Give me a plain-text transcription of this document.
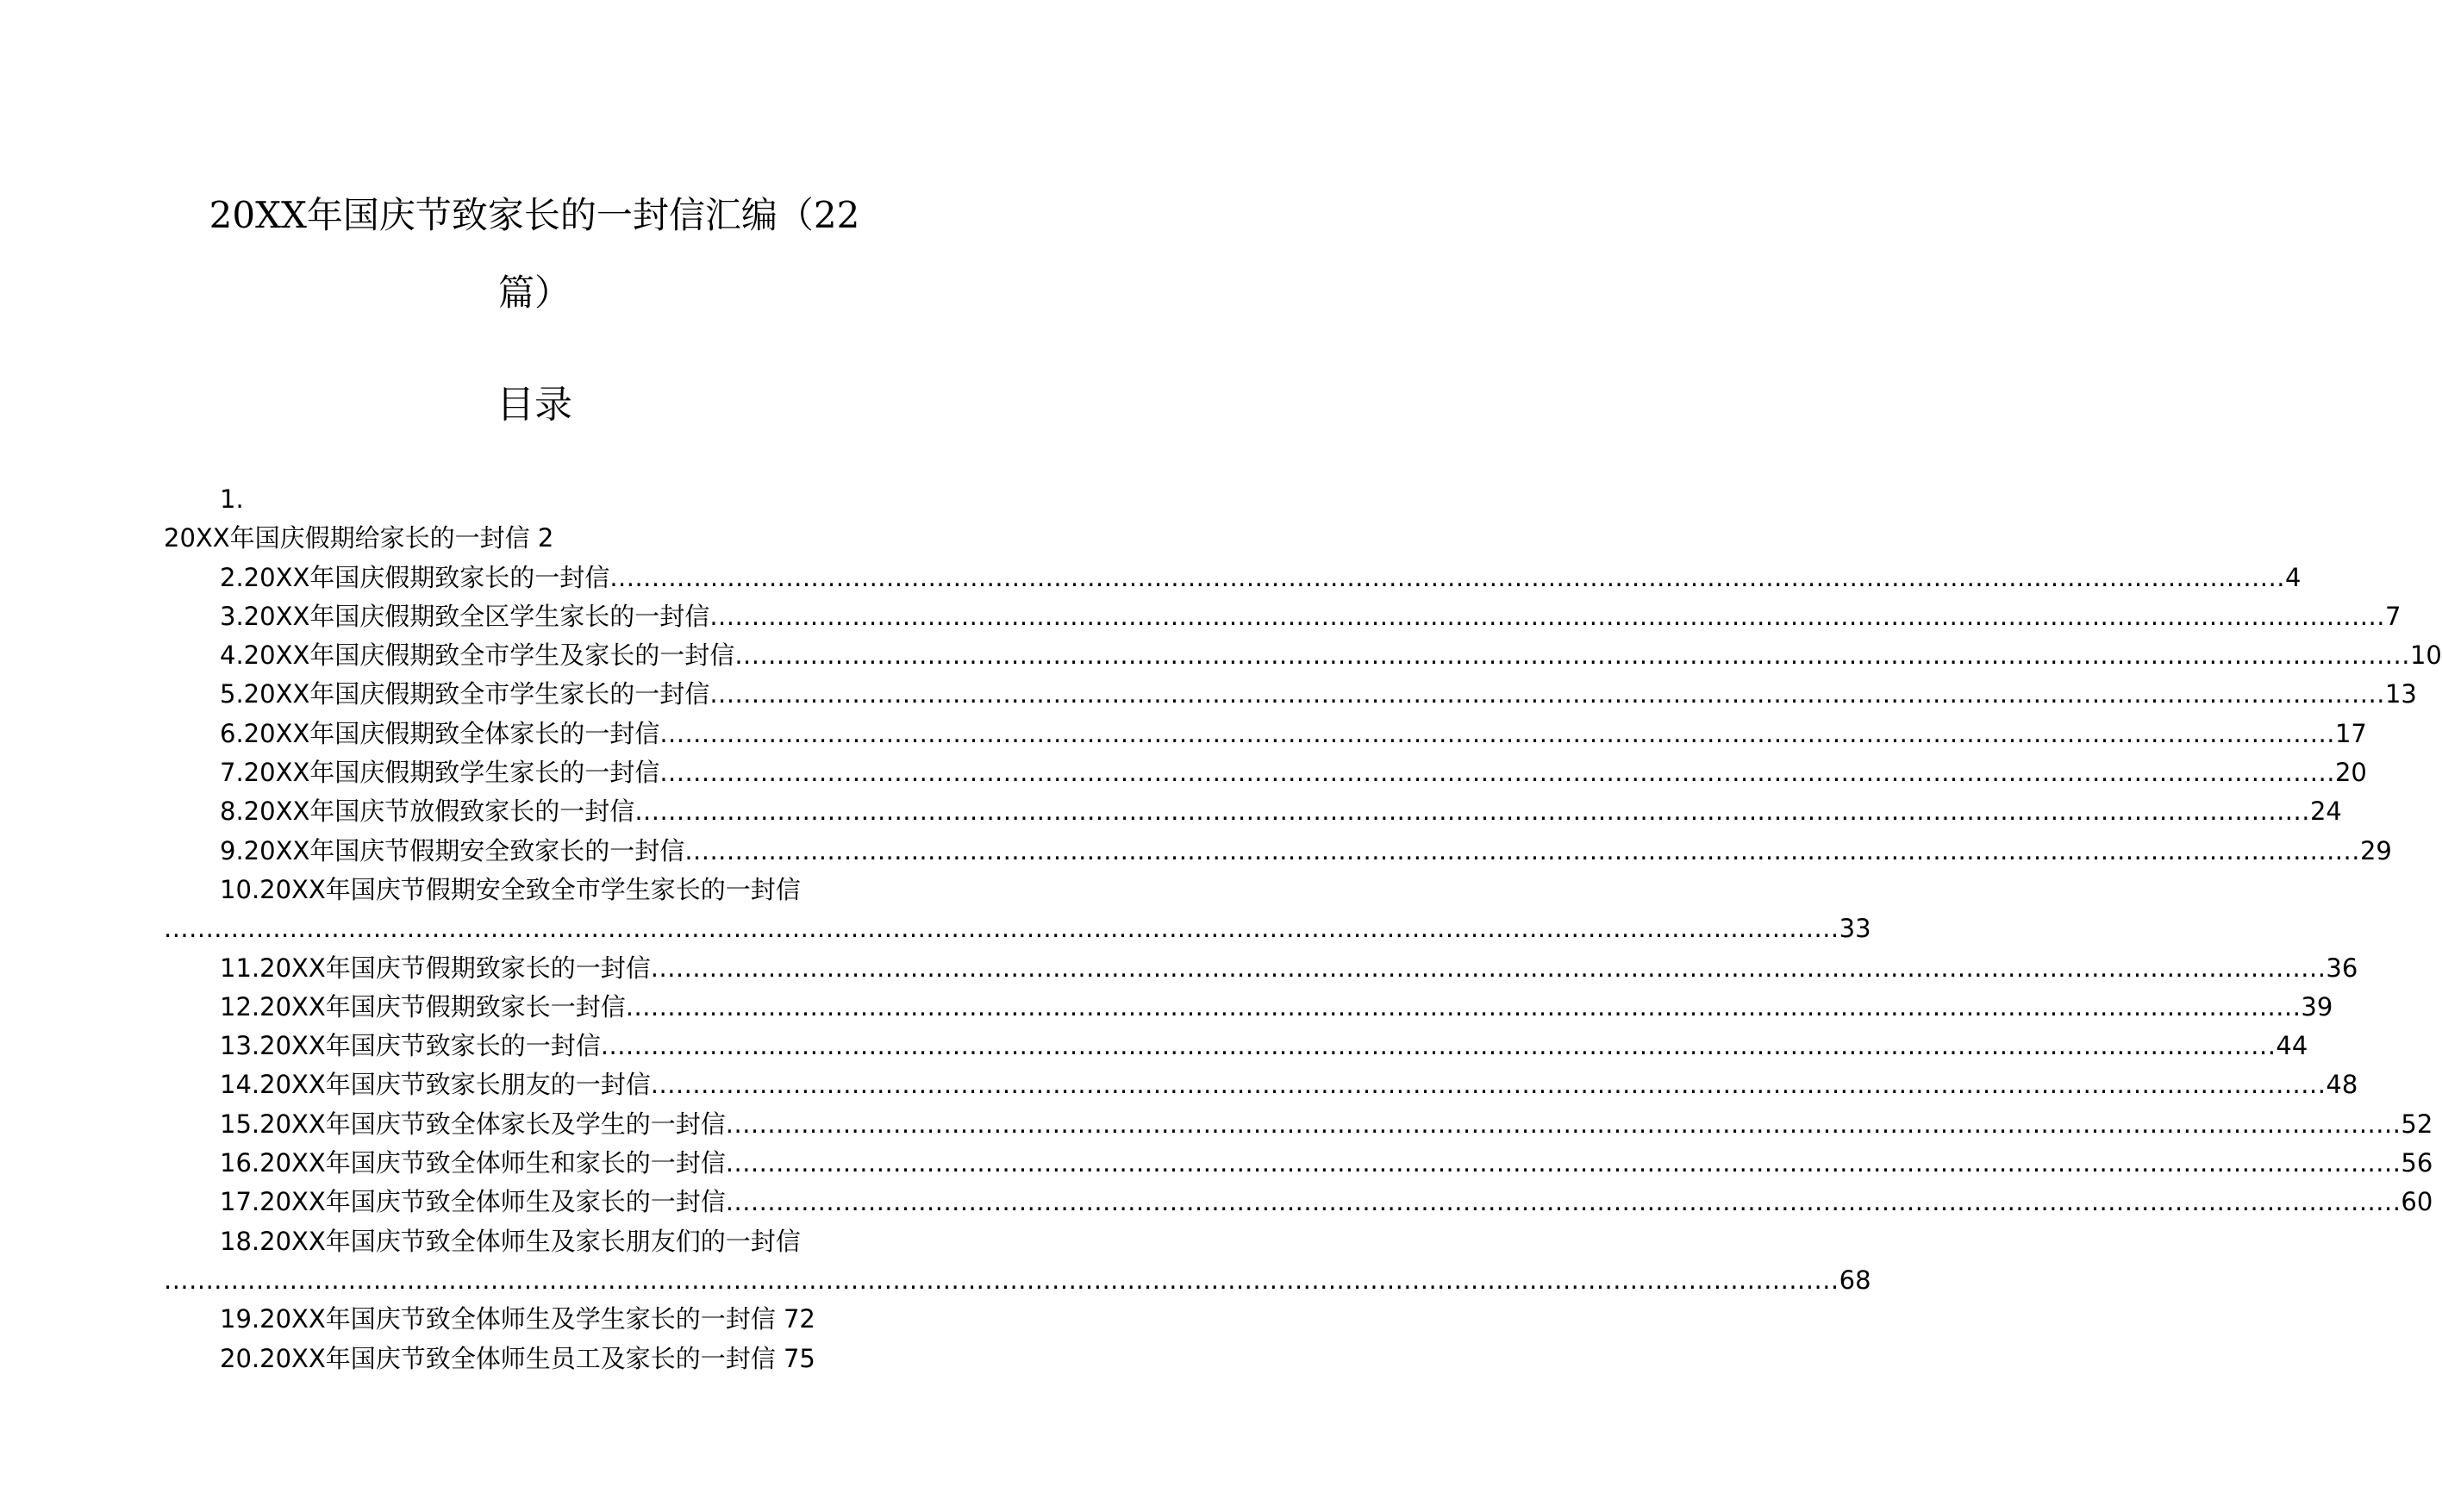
20XX年国庆节致家长的一封信汇编（22
篇）
目录
1.
20XX年国庆假期给家长的一封信 2
2. 20XX年国庆假期致家长的一封信 ........................................................................................................................................................................................................ 4
3. 20XX年国庆假期致全区学生家长的一封信 ........................................................................................................................................................................................................ 7
4. 20XX年国庆假期致全市学生及家长的一封信 ........................................................................................................................................................................................................ 10
5. 20XX年国庆假期致全市学生家长的一封信 ........................................................................................................................................................................................................ 13
6. 20XX年国庆假期致全体家长的一封信 ........................................................................................................................................................................................................ 17
7. 20XX年国庆假期致学生家长的一封信 ........................................................................................................................................................................................................ 20
8. 20XX年国庆节放假致家长的一封信 ........................................................................................................................................................................................................ 24
9. 20XX年国庆节假期安全致家长的一封信 ........................................................................................................................................................................................................ 29
10.20XX年国庆节假期安全致全市学生家长的一封信
........................................................................................................................................................................................................ 33
11. 20XX年国庆节假期致家长的一封信 ........................................................................................................................................................................................................ 36
12. 20XX年国庆节假期致家长一封信 ........................................................................................................................................................................................................ 39
13. 20XX年国庆节致家长的一封信 ........................................................................................................................................................................................................ 44
14. 20XX年国庆节致家长朋友的一封信 ........................................................................................................................................................................................................ 48
15. 20XX年国庆节致全体家长及学生的一封信 ........................................................................................................................................................................................................ 52
16. 20XX年国庆节致全体师生和家长的一封信 ........................................................................................................................................................................................................ 56
17. 20XX年国庆节致全体师生及家长的一封信 ........................................................................................................................................................................................................ 60
18.20XX年国庆节致全体师生及家长朋友们的一封信
........................................................................................................................................................................................................ 68
19.20XX年国庆节致全体师生及学生家长的一封信 72
20.20XX年国庆节致全体师生员工及家长的一封信 75
